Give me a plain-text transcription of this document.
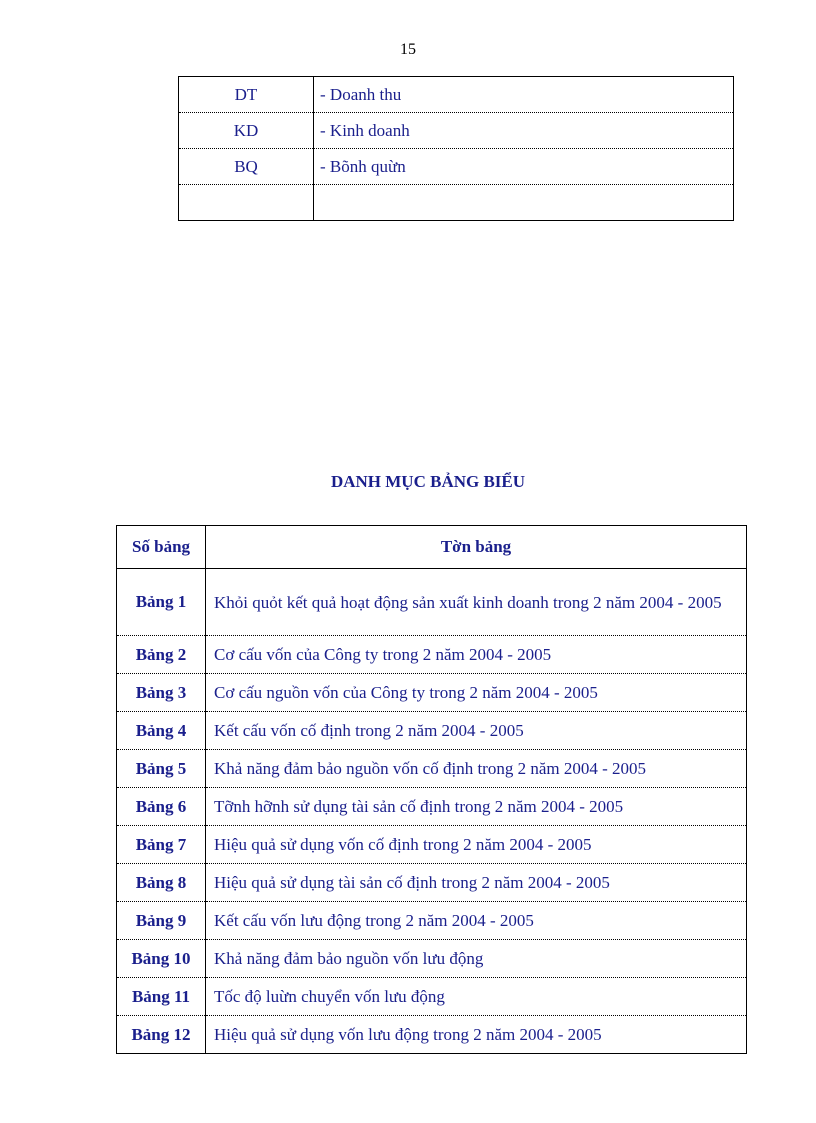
15
DT	- Doanh thu
KD	- Kinh doanh
BQ	- Bõnh quừn

DANH MỤC BẢNG BIỂU
Số bảng	Tờn bảng
Bảng 1	Khỏi quỏt kết quả hoạt động sản xuất kinh doanh trong 2 năm 2004 - 2005
Bảng 2	Cơ cấu vốn của Công ty trong 2 năm 2004 - 2005
Bảng 3	Cơ cấu nguồn vốn của Công ty trong 2 năm 2004 - 2005
Bảng 4	Kết cấu vốn cố định trong 2 năm 2004 - 2005
Bảng 5	Khả năng đảm bảo nguồn vốn cố định trong 2 năm 2004 - 2005
Bảng 6	Tỡnh hỡnh sử dụng tài sản cố định trong 2 năm 2004 - 2005
Bảng 7	Hiệu quả sử dụng vốn cố định trong 2 năm 2004 - 2005
Bảng 8	Hiệu quả sử dụng tài sản cố định trong 2 năm 2004 - 2005
Bảng 9	Kết cấu vốn lưu động trong 2 năm 2004 - 2005
Bảng 10	Khả năng đảm bảo nguồn vốn lưu động
Bảng 11	Tốc độ luừn chuyển vốn lưu động
Bảng 12	Hiệu quả sử dụng vốn lưu động trong 2 năm 2004 - 2005
